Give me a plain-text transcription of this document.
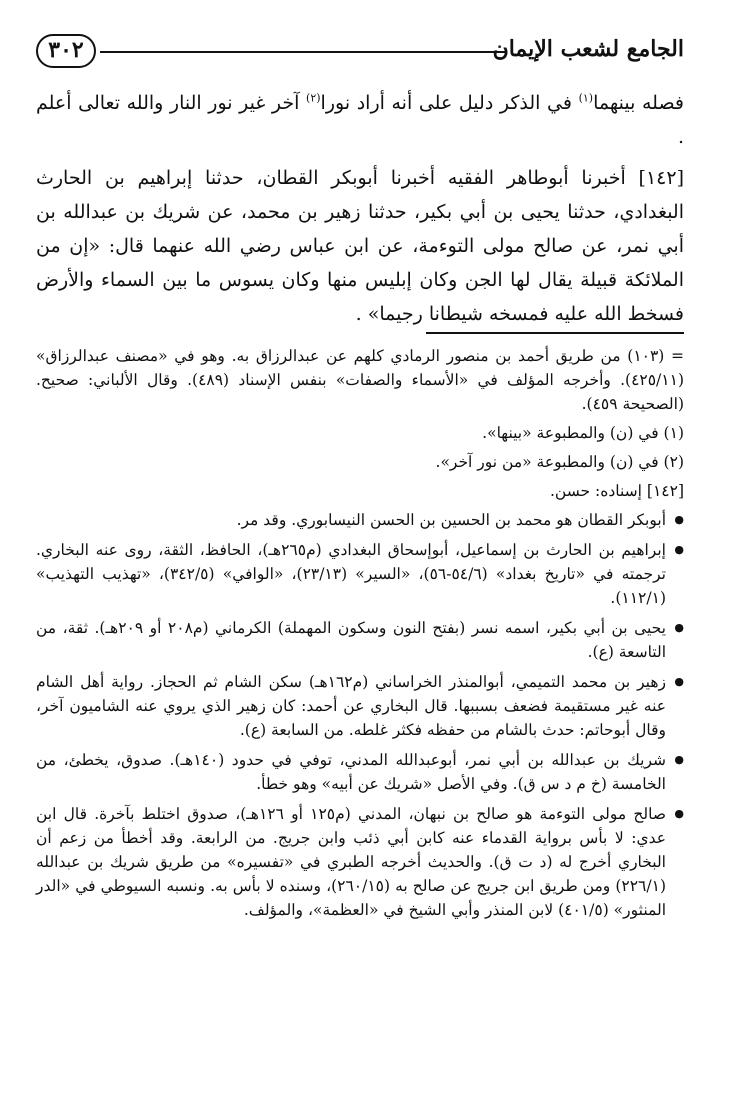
٣٠٢	الجامع لشعب الإيمان

فصله بينهما$^{(١)}$ في الذكر دليل على أنه أراد نورا$^{(٢)}$ آخر غير نور النار والله تعالى أعلم .

[١٤٢] أخبرنا أبوطاهر الفقيه أخبرنا أبوبكر القطان، حدثنا إبراهيم بن الحارث البغدادي، حدثنا يحيى بن أبي بكير، حدثنا زهير بن محمد، عن شريك بن عبدالله بن أبي نمر، عن صالح مولى التوءمة، عن ابن عباس رضي الله عنهما قال: «إن من الملائكة قبيلة يقال لها الجن وكان إبليس منها وكان يسوس ما بين السماء والأرض فسخط الله عليه فمسخه شيطانا رجيما» .

= (١٠٣) من طريق أحمد بن منصور الرمادي كلهم عن عبدالرزاق به. وهو في «مصنف عبدالرزاق» (٤٢٥/١١). وأخرجه المؤلف في «الأسماء والصفات» بنفس الإسناد (٤٨٩). وقال الألباني: صحيح. (الصحيحة ٤٥٩).
(١) في (ن) والمطبوعة «بينها».
(٢) في (ن) والمطبوعة «من نور آخر».
[١٤٢] إسناده: حسن.
● أبوبكر القطان هو محمد بن الحسين بن الحسن النيسابوري. وقد مر.
● إبراهيم بن الحارث بن إسماعيل، أبوإسحاق البغدادي (م٢٦٥هـ)، الحافظ، الثقة، روى عنه البخاري. ترجمته في «تاريخ بغداد» (٥٤/٦-٥٦)، «السير» (٢٣/١٣)، «الوافي» (٣٤٢/٥)، «تهذيب التهذيب» (١١٢/١).
● يحيى بن أبي بكير، اسمه نسر (بفتح النون وسكون المهملة) الكرماني (م٢٠٨ أو ٢٠٩هـ). ثقة، من التاسعة (ع).
● زهير بن محمد التميمي، أبوالمنذر الخراساني (م١٦٢هـ) سكن الشام ثم الحجاز. رواية أهل الشام عنه غير مستقيمة فضعف بسببها. قال البخاري عن أحمد: كان زهير الذي يروي عنه الشاميون آخر، وقال أبوحاتم: حدث بالشام من حفظه فكثر غلطه. من السابعة (ع).
● شريك بن عبدالله بن أبي نمر، أبوعبدالله المدني، توفي في حدود (١٤٠هـ). صدوق، يخطئ، من الخامسة (خ م د س ق). وفي الأصل «شريك عن أبيه» وهو خطأ.
● صالح مولى التوءمة هو صالح بن نبهان، المدني (م١٢٥ أو ١٢٦هـ)، صدوق اختلط بآخرة. قال ابن عدي: لا بأس برواية القدماء عنه كابن أبي ذئب وابن جريج. من الرابعة. وقد أخطأ من زعم أن البخاري أخرج له (د ت ق). والحديث أخرجه الطبري في «تفسيره» من طريق شريك بن عبدالله (٢٢٦/١) ومن طريق ابن جريج عن صالح به (٢٦٠/١٥)، وسنده لا بأس به. ونسبه السيوطي في «الدر المنثور» (٤٠١/٥) لابن المنذر وأبي الشيخ في «العظمة»، والمؤلف.
